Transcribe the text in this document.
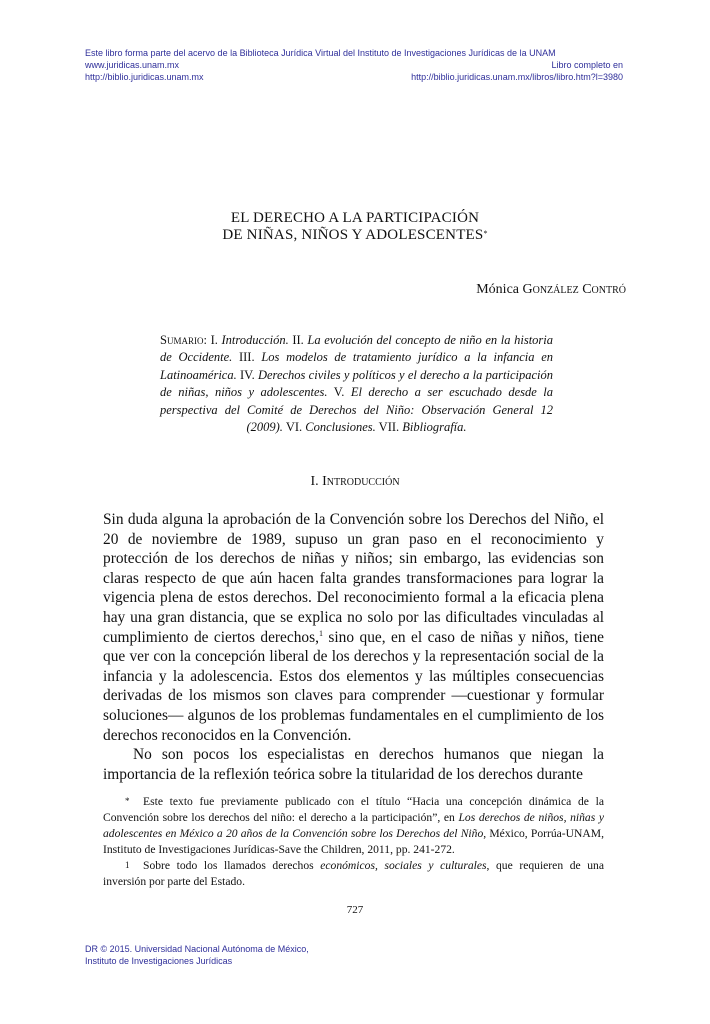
Este libro forma parte del acervo de la Biblioteca Jurídica Virtual del Instituto de Investigaciones Jurídicas de la UNAM
www.juridicas.unam.mx
http://biblio.juridicas.unam.mx
Libro completo en
http://biblio.juridicas.unam.mx/libros/libro.htm?l=3980
EL DERECHO A LA PARTICIPACIÓN
DE NIÑAS, NIÑOS Y ADOLESCENTES*
Mónica González Contró

Sumario: I. Introducción. II. La evolución del concepto de niño en la historia de Occidente. III. Los modelos de tratamiento jurídico a la infancia en Latinoamérica. IV. Derechos civiles y políticos y el derecho a la participación de niñas, niños y adolescentes. V. El derecho a ser escuchado desde la perspectiva del Comité de Derechos del Niño: Observación General 12 (2009). VI. Conclusiones. VII. Bibliografía.

I. Introducción

Sin duda alguna la aprobación de la Convención sobre los Derechos del Niño, el 20 de noviembre de 1989, supuso un gran paso en el reconocimiento y protección de los derechos de niñas y niños; sin embargo, las evidencias son claras respecto de que aún hacen falta grandes transformaciones para lograr la vigencia plena de estos derechos. Del reconocimiento formal a la eficacia plena hay una gran distancia, que se explica no solo por las dificultades vinculadas al cumplimiento de ciertos derechos,$^1$ sino que, en el caso de niñas y niños, tiene que ver con la concepción liberal de los derechos y la representación social de la infancia y la adolescencia. Estos dos elementos y las múltiples consecuencias derivadas de los mismos son claves para comprender —cuestionar y formular soluciones— algunos de los problemas fundamentales en el cumplimiento de los derechos reconocidos en la Convención.

No son pocos los especialistas en derechos humanos que niegan la importancia de la reflexión teórica sobre la titularidad de los derechos durante

* Este texto fue previamente publicado con el título “Hacia una concepción dinámica de la Convención sobre los derechos del niño: el derecho a la participación”, en Los derechos de niños, niñas y adolescentes en México a 20 años de la Convención sobre los Derechos del Niño, México, Porrúa-UNAM, Instituto de Investigaciones Jurídicas-Save the Children, 2011, pp. 241-272.

1 Sobre todo los llamados derechos económicos, sociales y culturales, que requieren de una inversión por parte del Estado.

727
DR © 2015. Universidad Nacional Autónoma de México,
Instituto de Investigaciones Jurídicas
